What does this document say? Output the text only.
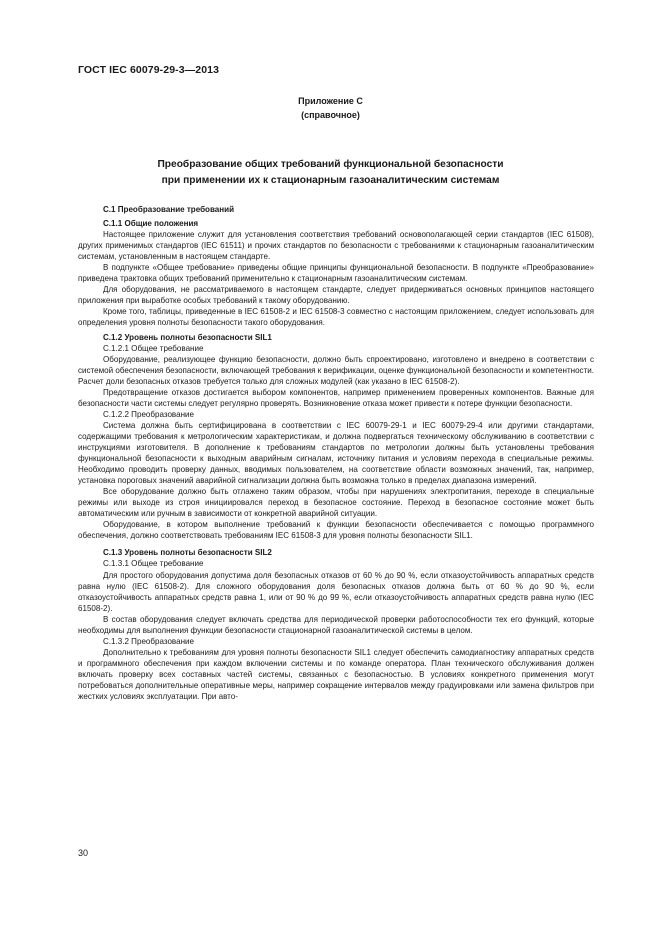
ГОСТ IEC 60079-29-3—2013
Приложение С
(справочное)
Преобразование общих требований функциональной безопасности
при применении их к стационарным газоаналитическим системам

С.1 Преобразование требований

С.1.1 Общие положения

Настоящее приложение служит для установления соответствия требований основополагающей серии стандартов (IEC 61508), других применимых стандартов (IEC 61511) и прочих стандартов по безопасности с требованиями к стационарным газоаналитическим системам, установленным в настоящем стандарте.

В подпункте «Общее требование» приведены общие принципы функциональной безопасности. В подпункте «Преобразование» приведена трактовка общих требований применительно к стационарным газоаналитическим системам.

Для оборудования, не рассматриваемого в настоящем стандарте, следует придерживаться основных принципов настоящего приложения при выработке особых требований к такому оборудованию.

Кроме того, таблицы, приведенные в IEC 61508-2 и IEC 61508-3 совместно с настоящим приложением, следует использовать для определения уровня полноты безопасности такого оборудования.

С.1.2 Уровень полноты безопасности SIL1

С.1.2.1 Общее требование

Оборудование, реализующее функцию безопасности, должно быть спроектировано, изготовлено и внедрено в соответствии с системой обеспечения безопасности, включающей требования к верификации, оценке функциональной безопасности и компетентности. Расчет доли безопасных отказов требуется только для сложных модулей (как указано в IEC 61508-2).

Предотвращение отказов достигается выбором компонентов, например применением проверенных компонентов. Важные для безопасности части системы следует регулярно проверять. Возникновение отказа может привести к потере функции безопасности.

С.1.2.2 Преобразование

Система должна быть сертифицирована в соответствии с IEC 60079-29-1 и IEC 60079-29-4 или другими стандартами, содержащими требования к метрологическим характеристикам, и должна подвергаться техническому обслуживанию в соответствии с инструкциями изготовителя. В дополнение к требованиям стандартов по метрологии должны быть установлены требования функциональной безопасности к выходным аварийным сигналам, источнику питания и условиям перехода в специальные режимы. Необходимо проводить проверку данных, вводимых пользователем, на соответствие области возможных значений, так, например, установка пороговых значений аварийной сигнализации должна быть возможна только в пределах диапазона измерений.

Все оборудование должно быть отлажено таким образом, чтобы при нарушениях электропитания, переходе в специальные режимы или выходе из строя инициировался переход в безопасное состояние. Переход в безопасное состояние может быть автоматическим или ручным в зависимости от конкретной аварийной ситуации.

Оборудование, в котором выполнение требований к функции безопасности обеспечивается с помощью программного обеспечения, должно соответствовать требованиям IEC 61508-3 для уровня полноты безопасности SIL1.

С.1.3 Уровень полноты безопасности SIL2

С.1.3.1 Общее требование

Для простого оборудования допустима доля безопасных отказов от 60 % до 90 %, если отказоустойчивость аппаратных средств равна нулю (IEC 61508-2). Для сложного оборудования доля безопасных отказов должна быть от 60 % до 90 %, если отказоустойчивость аппаратных средств равна 1, или от 90 % до 99 %, если отказоустойчивость аппаратных средств равна нулю (IEC 61508-2).

В состав оборудования следует включать средства для периодической проверки работоспособности тех его функций, которые необходимы для выполнения функции безопасности стационарной газоаналитической системы в целом.

С.1.3.2 Преобразование

Дополнительно к требованиям для уровня полноты безопасности SIL1 следует обеспечить самодиагностику аппаратных средств и программного обеспечения при каждом включении системы и по команде оператора. План технического обслуживания должен включать проверку всех составных частей системы, связанных с безопасностью. В условиях конкретного применения могут потребоваться дополнительные оперативные меры, например сокращение интервалов между градуировками или замена фильтров при жестких условиях эксплуатации. При авто-

30
